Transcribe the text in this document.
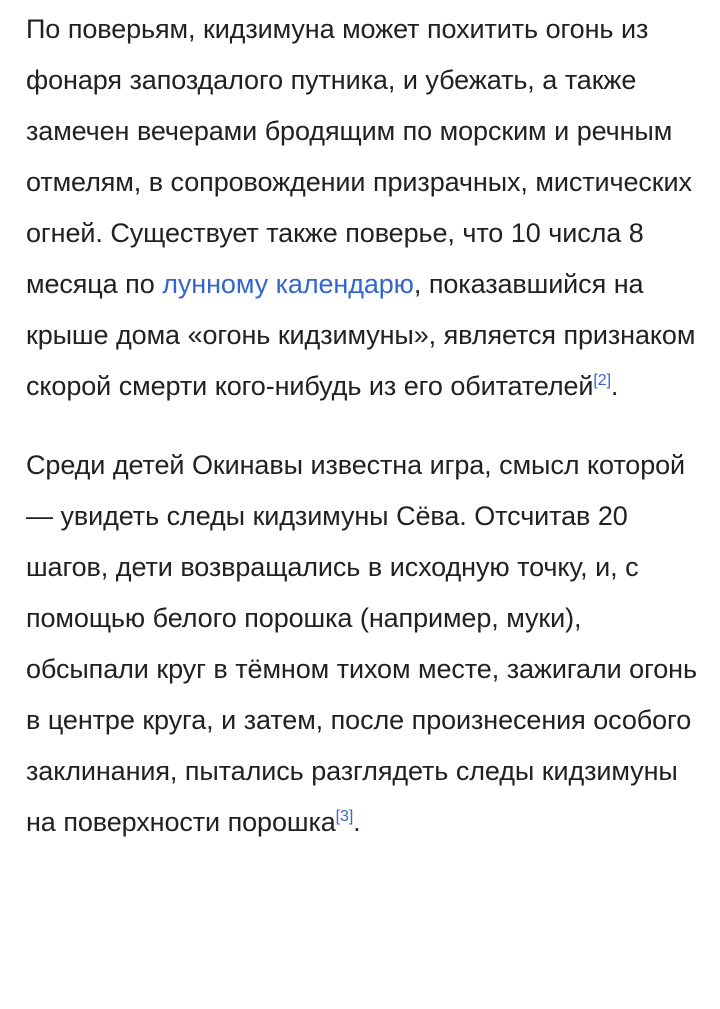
По поверьям, кидзимуна может похитить огонь из фонаря запоздалого путника, и убежать, а также замечен вечерами бродящим по морским и речным отмелям, в сопровождении призрачных, мистических огней. Существует также поверье, что 10 числа 8 месяца по лунному календарю, показавшийся на крыше дома «огонь кидзимуны», является признаком скорой смерти кого-нибудь из его обитателей[2].

Среди детей Окинавы известна игра, смысл которой — увидеть следы кидзимуны Сёва. Отсчитав 20 шагов, дети возвращались в исходную точку, и, с помощью белого порошка (например, муки), обсыпали круг в тёмном тихом месте, зажигали огонь в центре круга, и затем, после произнесения особого заклинания, пытались разглядеть следы кидзимуны на поверхности порошка[3].
